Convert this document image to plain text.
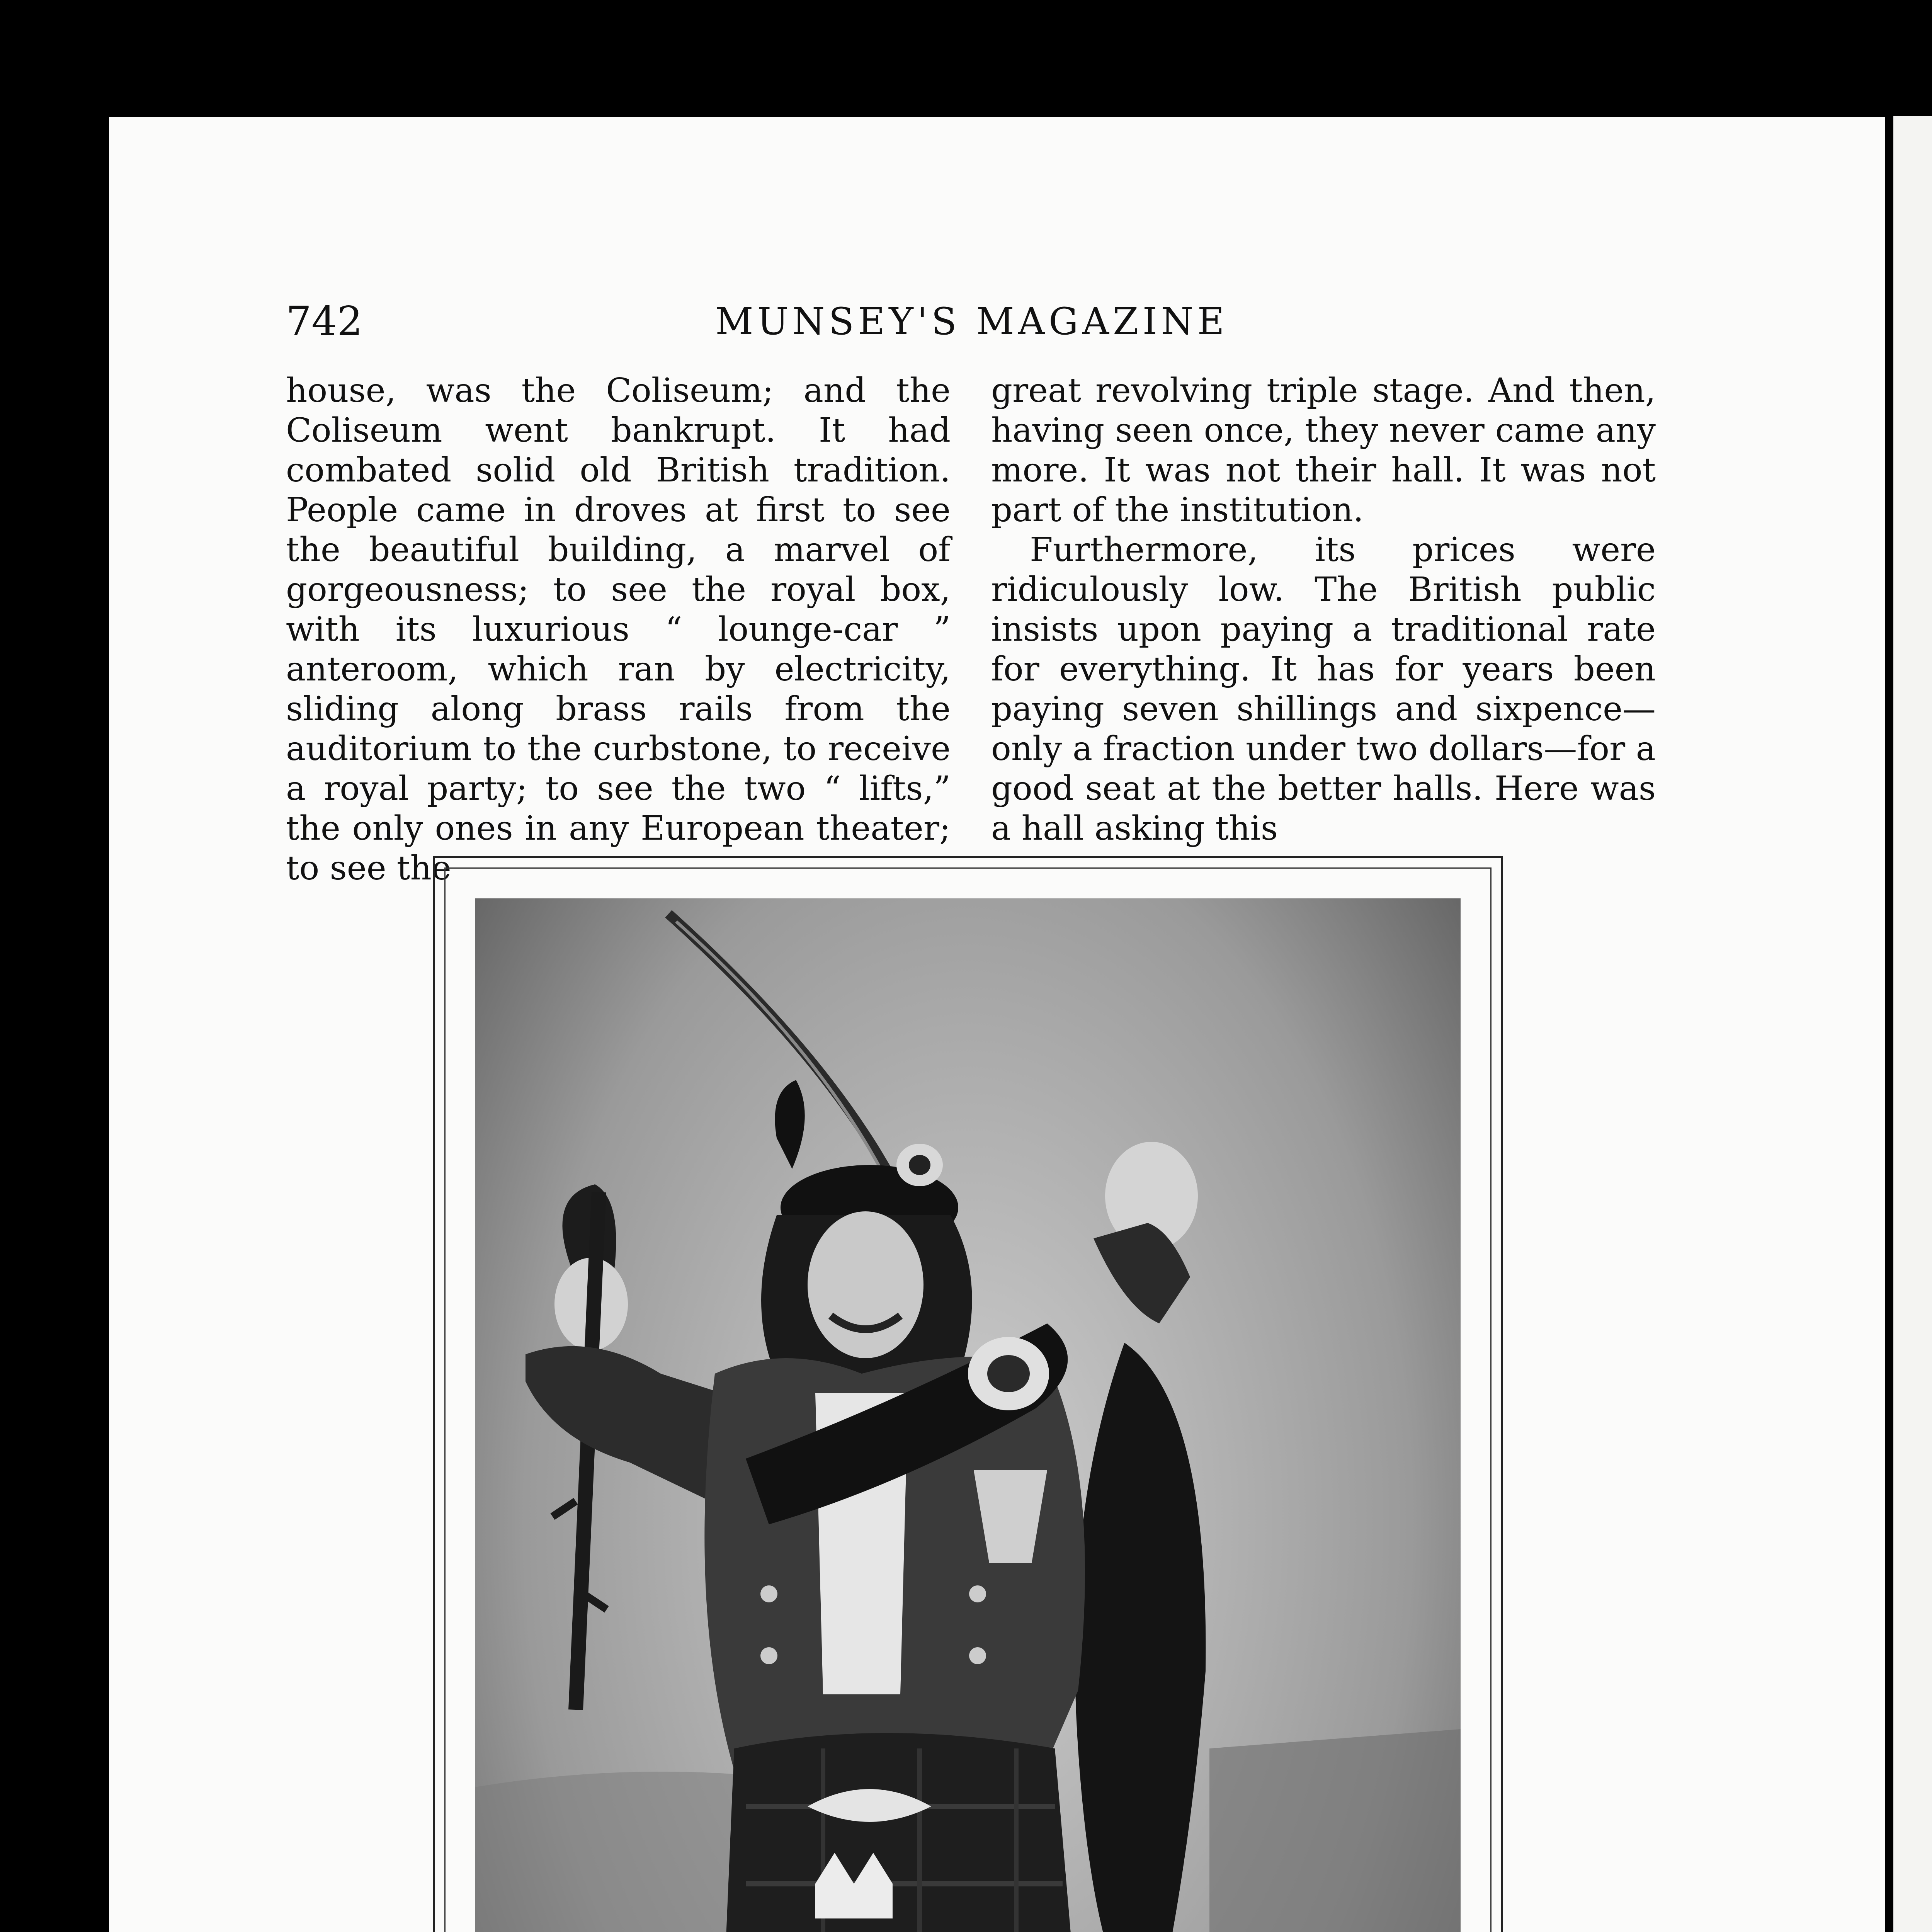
742	MUNSEY'S MAGAZINE

house, was the Coliseum; and the Coliseum went bankrupt. It had combated solid old British tradition. People came in droves at first to see the beautiful building, a marvel of gorgeousness; to see the royal box, with its luxurious “ lounge-car ” anteroom, which ran by electricity, sliding along brass rails from the auditorium to the curbstone, to receive a royal party; to see the two “ lifts,” the only ones in any European theater; to see the

great revolving triple stage. And then, having seen once, they never came any more. It was not their hall. It was not part of the institution.

Furthermore, its prices were ridiculously low. The British public insists upon paying a traditional rate for everything. It has for years been paying seven shillings and sixpence—only a fraction under two dollars—for a good seat at the better halls. Here was a hall asking this
